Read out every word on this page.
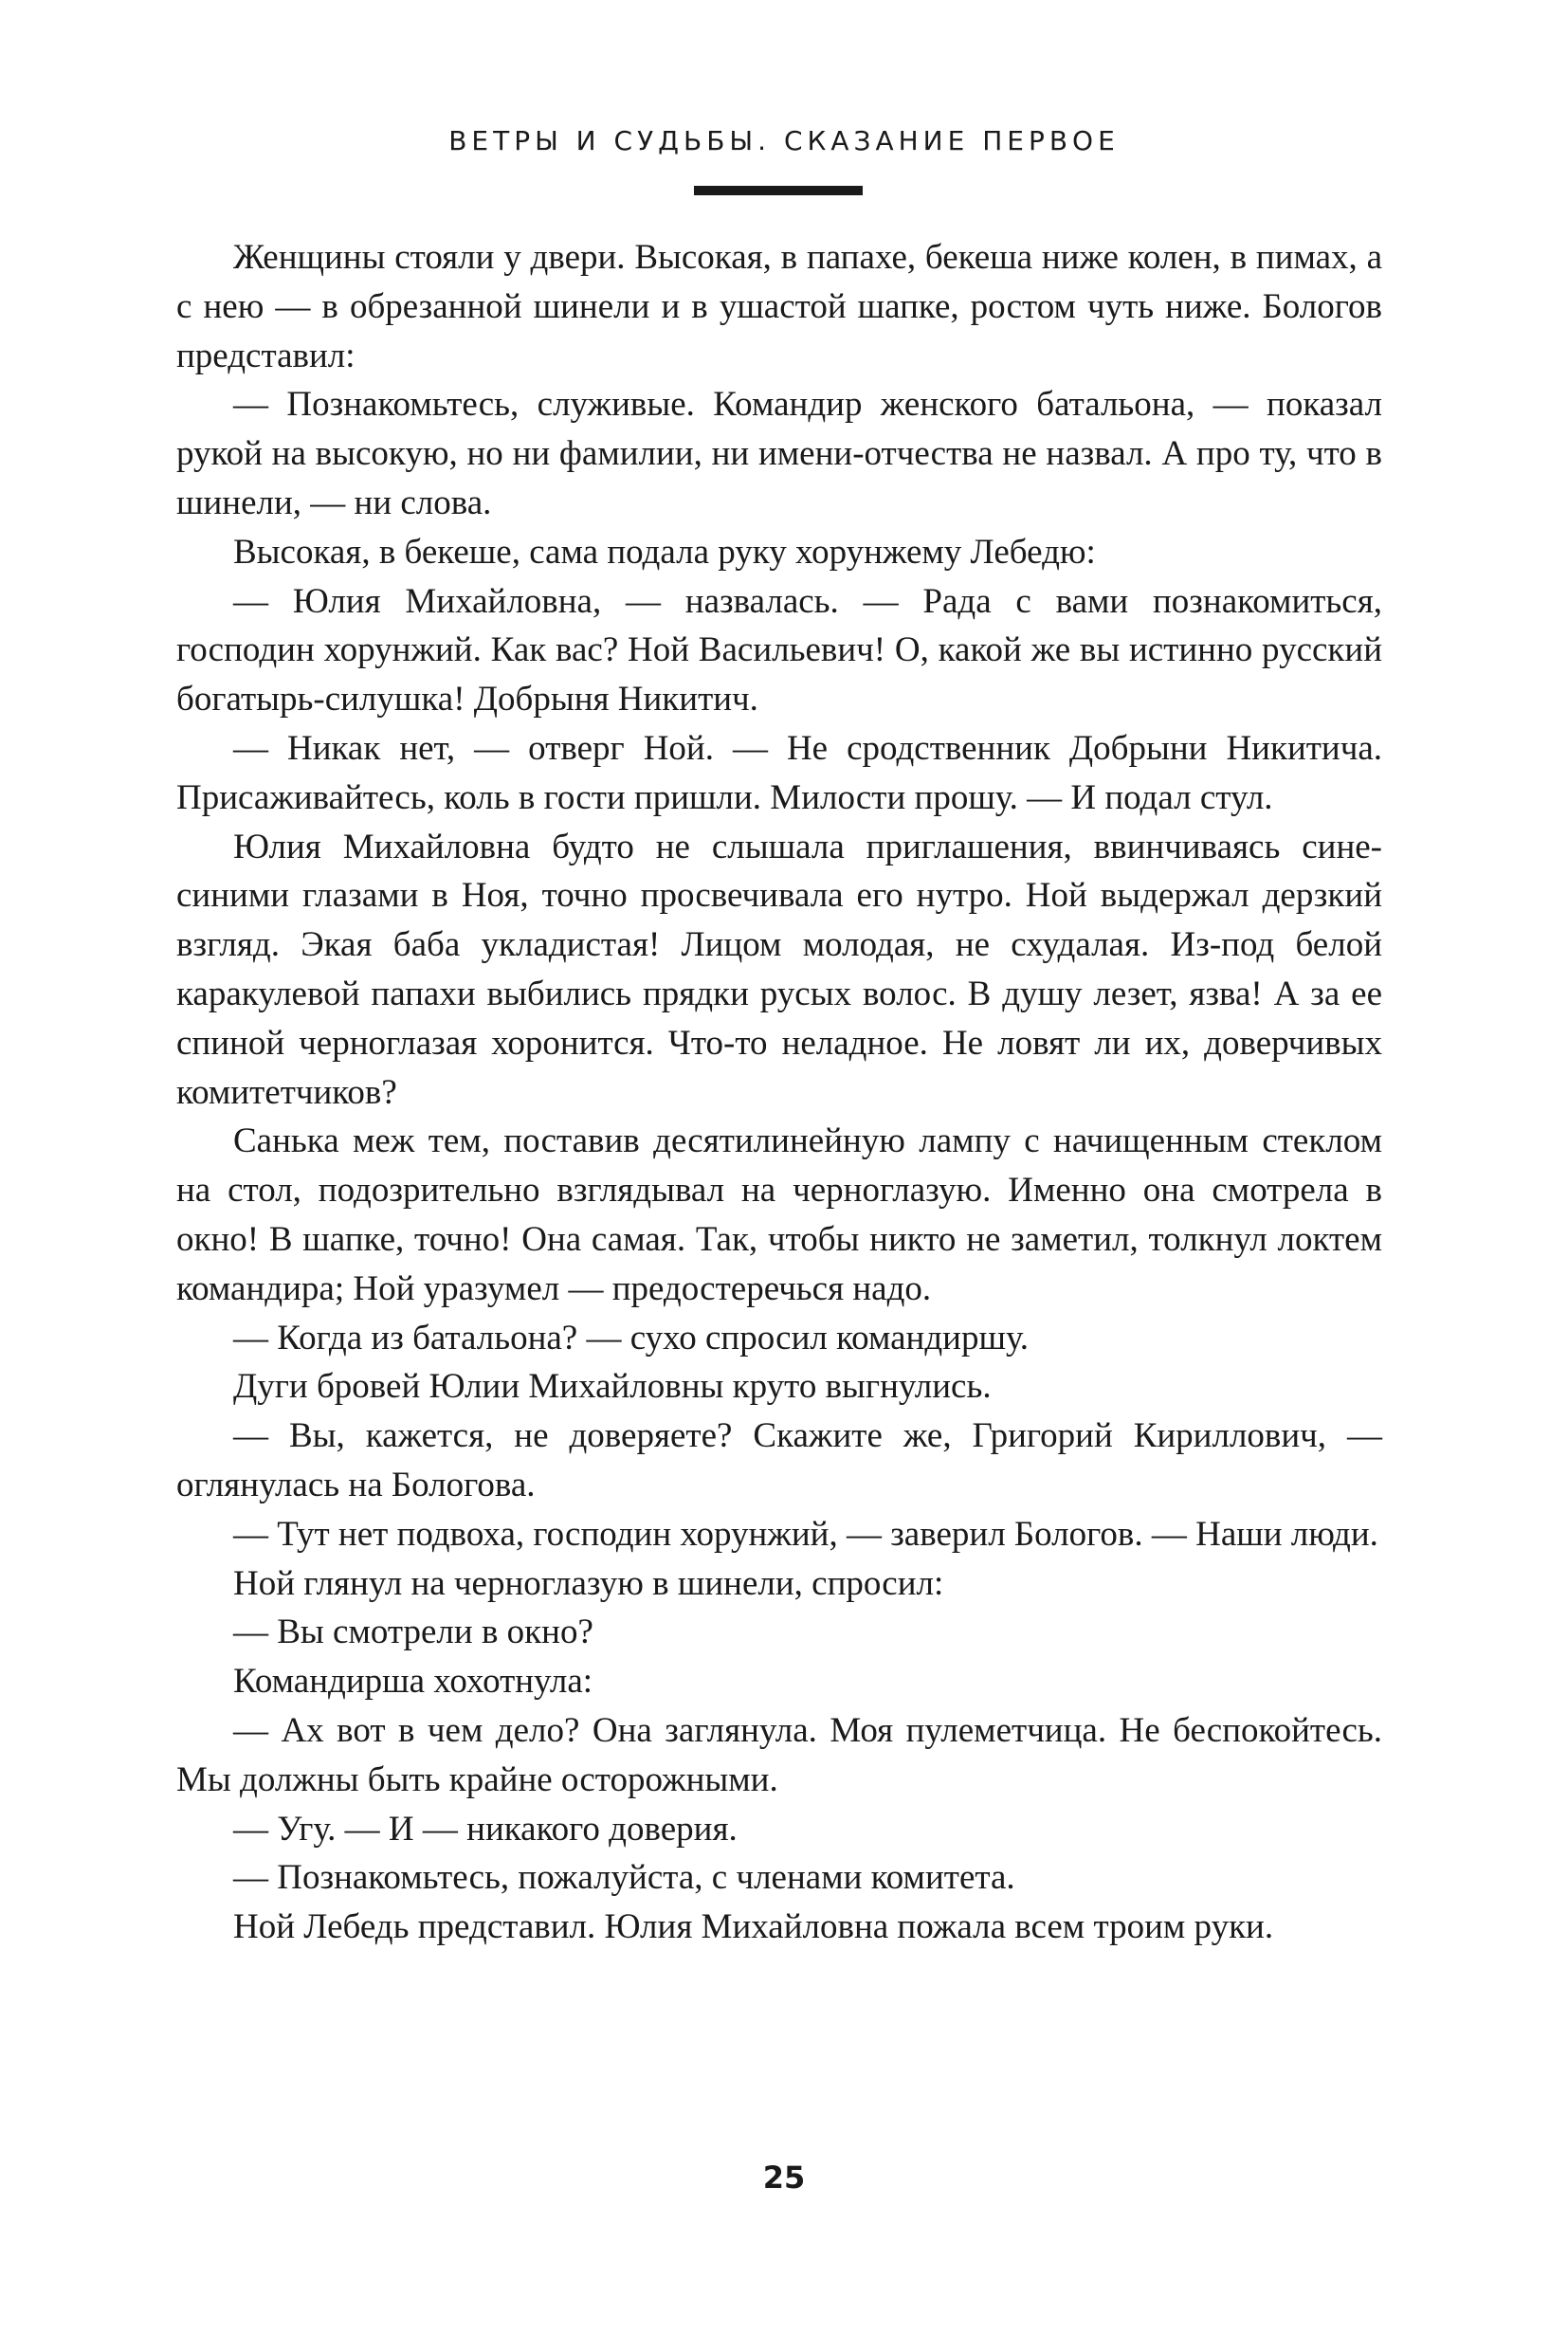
ВЕТРЫ И СУДЬБЫ. СКАЗАНИЕ ПЕРВОЕ

Женщины стояли у двери. Высокая, в папахе, бекеша ниже колен, в пимах, а с нею — в обрезанной шинели и в ушастой шапке, ростом чуть ниже. Бологов представил:

— Познакомьтесь, служивые. Командир женского батальона, — показал рукой на высокую, но ни фамилии, ни имени-отчества не назвал. А про ту, что в шинели, — ни слова.

Высокая, в бекеше, сама подала руку хорунжему Лебедю:

— Юлия Михайловна, — назвалась. — Рада с вами познакомиться, господин хорунжий. Как вас? Ной Васильевич! О, какой же вы истинно русский богатырь-силушка! Добрыня Никитич.

— Никак нет, — отверг Ной. — Не сродственник Добрыни Никитича. Присаживайтесь, коль в гости пришли. Милости прошу. — И подал стул.

Юлия Михайловна будто не слышала приглашения, ввинчиваясь сине-синими глазами в Ноя, точно просвечивала его нутро. Ной выдержал дерзкий взгляд. Экая баба укладистая! Лицом молодая, не схудалая. Из-под белой каракулевой папахи выбились прядки русых волос. В душу лезет, язва! А за ее спиной черноглазая хоронится. Что-то неладное. Не ловят ли их, доверчивых комитетчиков?

Санька меж тем, поставив десятилинейную лампу с начищенным стеклом на стол, подозрительно взглядывал на черноглазую. Именно она смотрела в окно! В шапке, точно! Она самая. Так, чтобы никто не заметил, толкнул локтем командира; Ной уразумел — предостеречься надо.

— Когда из батальона? — сухо спросил командиршу.

Дуги бровей Юлии Михайловны круто выгнулись.

— Вы, кажется, не доверяете? Скажите же, Григорий Кириллович, — оглянулась на Бологова.

— Тут нет подвоха, господин хорунжий, — заверил Бологов. — Наши люди.

Ной глянул на черноглазую в шинели, спросил:

— Вы смотрели в окно?

Командирша хохотнула:

— Ах вот в чем дело? Она заглянула. Моя пулеметчица. Не беспокойтесь. Мы должны быть крайне осторожными.

— Угу. — И — никакого доверия.

— Познакомьтесь, пожалуйста, с членами комитета.

Ной Лебедь представил. Юлия Михайловна пожала всем троим руки.

25
